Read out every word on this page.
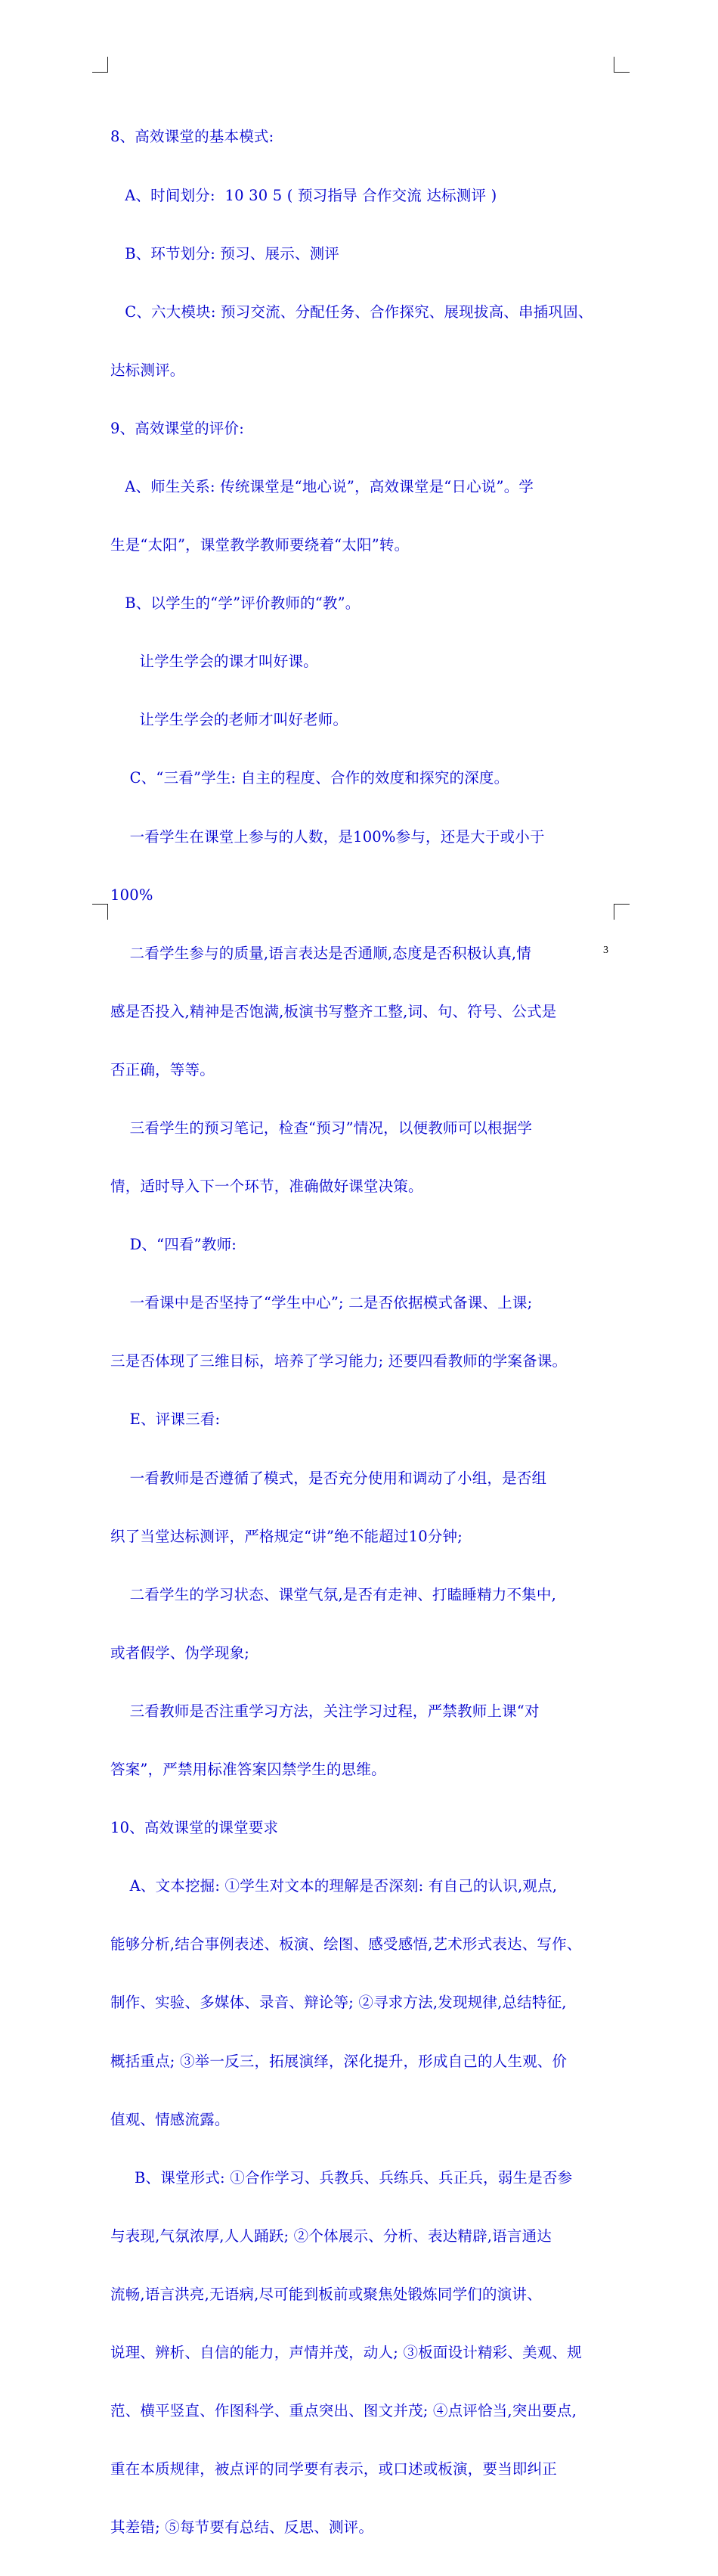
8、高效课堂的基本模式:

A、时间划分:  10 30 5 ( 预习指导 合作交流 达标测评 )

B、环节划分: 预习、展示、测评

C、六大模块: 预习交流、分配任务、合作探究、展现拔高、串插巩固、

达标测评。

9、高效课堂的评价:

A、师生关系: 传统课堂是“地心说”，高效课堂是“日心说”。学

生是“太阳”，课堂教学教师要绕着“太阳”转。

B、以学生的“学”评价教师的“教”。

让学生学会的课才叫好课。

让学生学会的老师才叫好老师。

C、“三看”学生: 自主的程度、合作的效度和探究的深度。

一看学生在课堂上参与的人数，是100%参与，还是大于或小于

100%

二看学生参与的质量,语言表达是否通顺,态度是否积极认真,情

感是否投入,精神是否饱满,板演书写整齐工整,词、句、符号、公式是

否正确，等等。

三看学生的预习笔记，检查“预习”情况，以便教师可以根据学

情，适时导入下一个环节，准确做好课堂决策。

D、“四看”教师:

一看课中是否坚持了“学生中心”; 二是否依据模式备课、上课;

三是否体现了三维目标，培养了学习能力; 还要四看教师的学案备课。

E、评课三看:

一看教师是否遵循了模式，是否充分使用和调动了小组，是否组

织了当堂达标测评，严格规定“讲”绝不能超过10分钟;

二看学生的学习状态、课堂气氛,是否有走神、打瞌睡精力不集中,

或者假学、伪学现象;

三看教师是否注重学习方法，关注学习过程，严禁教师上课“对

答案”，严禁用标准答案囚禁学生的思维。

10、高效课堂的课堂要求

A、文本挖掘: ①学生对文本的理解是否深刻: 有自己的认识,观点,

能够分析,结合事例表述、板演、绘图、感受感悟,艺术形式表达、写作、

制作、实验、多媒体、录音、辩论等; ②寻求方法,发现规律,总结特征,

概括重点; ③举一反三，拓展演绎，深化提升，形成自己的人生观、价

值观、情感流露。

B、课堂形式: ①合作学习、兵教兵、兵练兵、兵正兵，弱生是否参

与表现,气氛浓厚,人人踊跃; ②个体展示、分析、表达精辟,语言通达

流畅,语言洪亮,无语病,尽可能到板前或聚焦处锻炼同学们的演讲、

说理、辨析、自信的能力，声情并茂，动人; ③板面设计精彩、美观、规

范、横平竖直、作图科学、重点突出、图文并茂; ④点评恰当,突出要点,

重在本质规律，被点评的同学要有表示，或口述或板演，要当即纠正

其差错; ⑤每节要有总结、反思、测评。

3
